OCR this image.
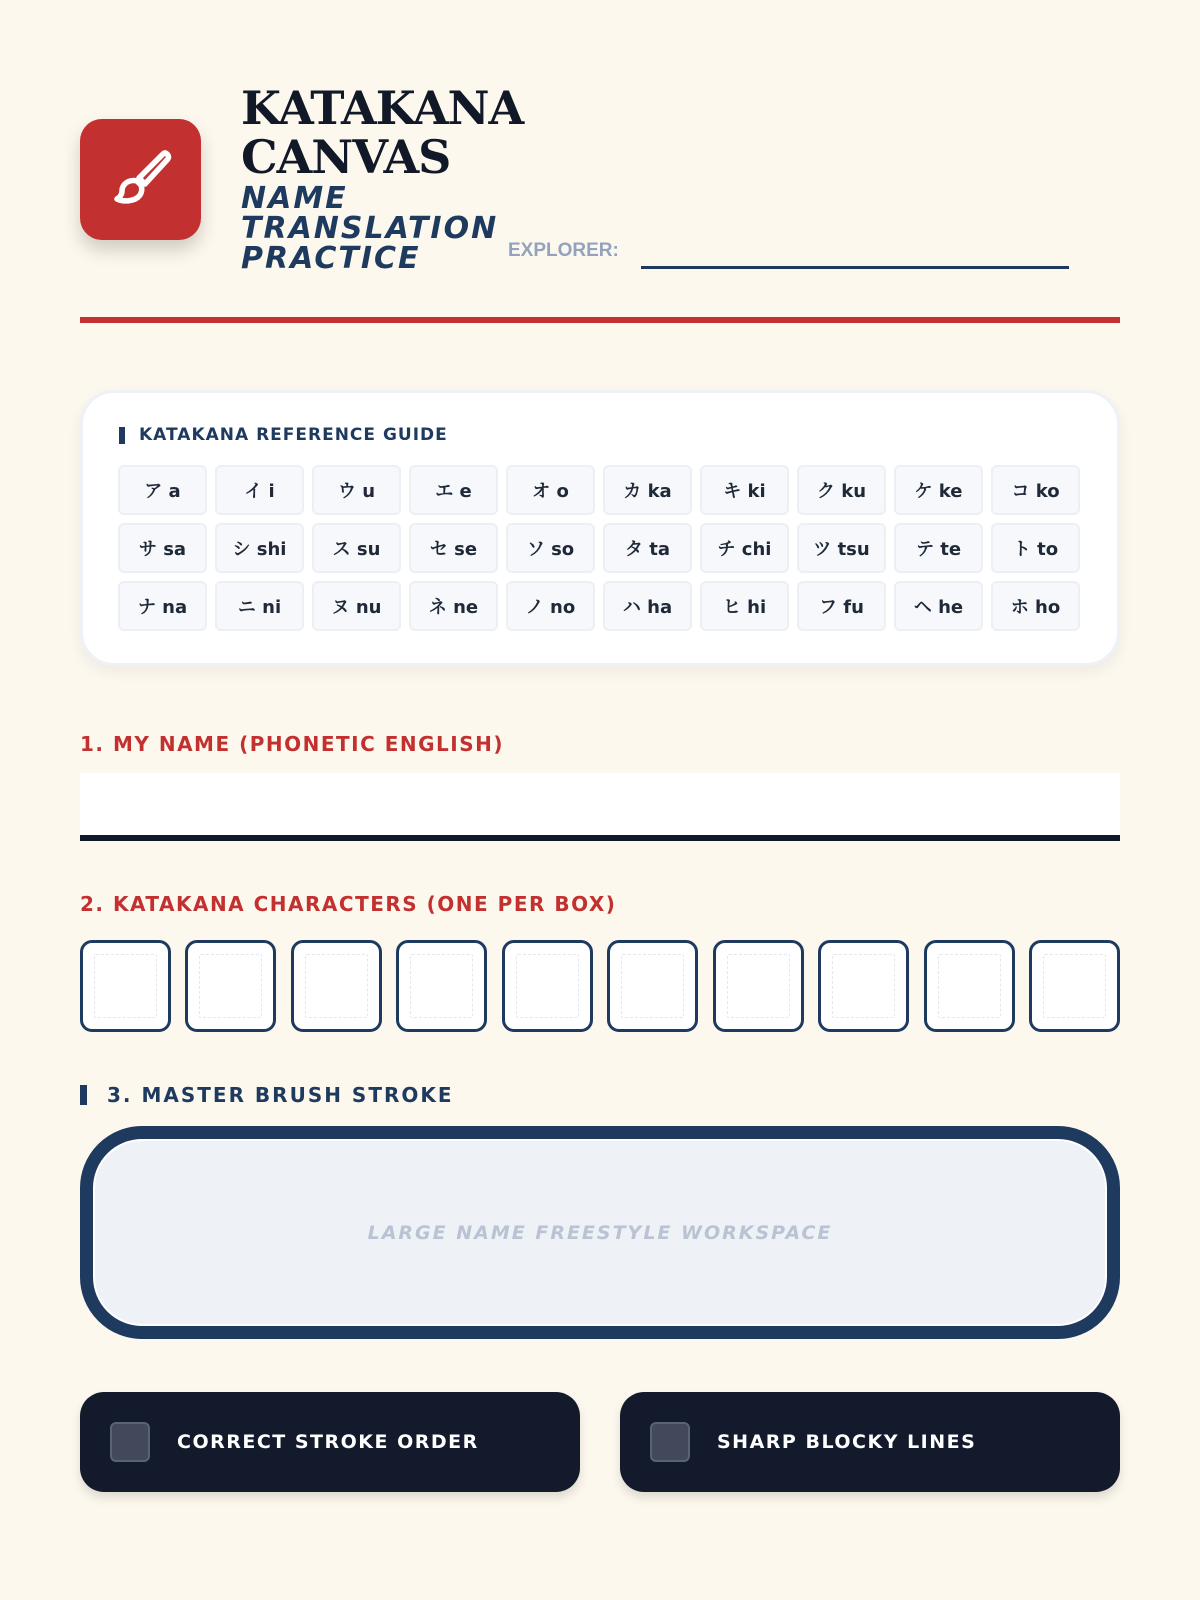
KATAKANA
CANVAS
NAME
TRANSLATION
PRACTICE	EXPLORER:
KATAKANA REFERENCE GUIDE
ア a	イ i	ウ u	エ e	オ o	カ ka	キ ki	ク ku	ケ ke	コ ko
サ sa	シ shi	ス su	セ se	ソ so	タ ta	チ chi	ツ tsu	テ te	ト to
ナ na	ニ ni	ヌ nu	ネ ne	ノ no	ハ ha	ヒ hi	フ fu	ヘ he	ホ ho
1. MY NAME (PHONETIC ENGLISH)
2. KATAKANA CHARACTERS (ONE PER BOX)
3. MASTER BRUSH STROKE
LARGE NAME FREESTYLE WORKSPACE
CORRECT STROKE ORDER	SHARP BLOCKY LINES
